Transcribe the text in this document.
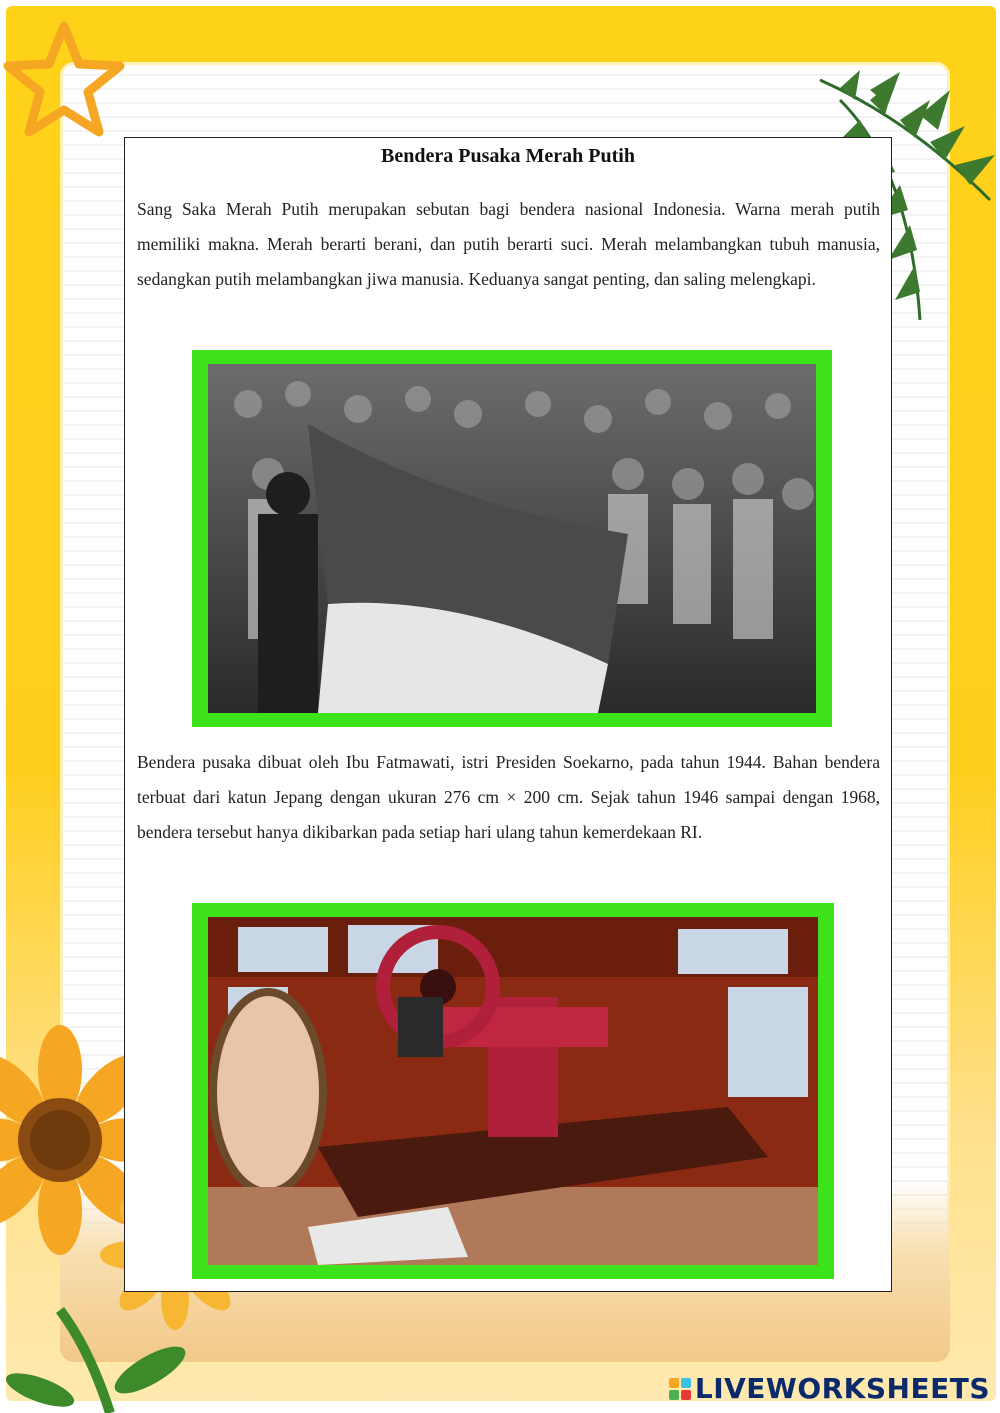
Bendera Pusaka Merah Putih

Sang Saka Merah Putih merupakan sebutan bagi bendera nasional Indonesia. Warna merah putih memiliki makna. Merah berarti berani, dan putih berarti suci. Merah melambangkan tubuh manusia, sedangkan putih melambangkan jiwa manusia. Keduanya sangat penting, dan saling melengkapi.

Bendera pusaka dibuat oleh Ibu Fatmawati, istri Presiden Soekarno, pada tahun 1944. Bahan bendera terbuat dari katun Jepang dengan ukuran 276 cm × 200 cm. Sejak tahun 1946 sampai dengan 1968, bendera tersebut hanya dikibarkan pada setiap hari ulang tahun kemerdekaan RI.

LIVEWORKSHEETS
